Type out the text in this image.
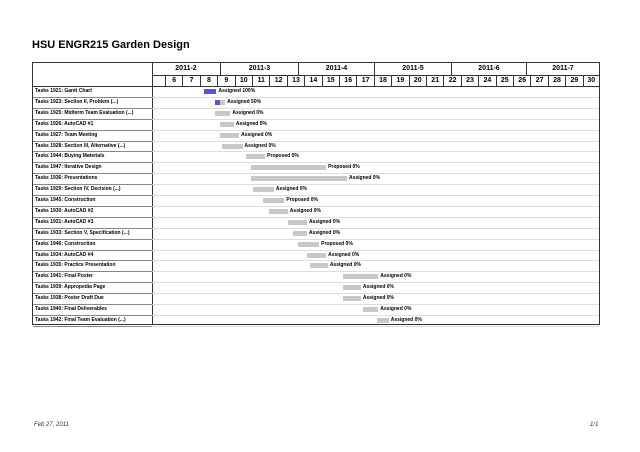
HSU ENGR215 Garden Design
2011-2	2011-3	2011-4	2011-5	2011-6	2011-7
6	7	8	9	10	11	12	13	14	15	16	17	18	19	20	21	22	23	24	25	26	27	28	29	30
Tasks 1921: Gantt Chart	Assigned 100%
Tasks 1923: Section II, Problem (...)	Assigned 50%
Tasks 1925: Midterm Team Evaluation (...)	Assigned 0%
Tasks 1926: AutoCAD #1	Assigned 0%
Tasks 1927: Team Meeting	Assigned 0%
Tasks 1928: Section III, Alternative (...)	Assigned 0%
Tasks 1944: Buying Materials	Proposed 0%
Tasks 1947: Iterative Design	Proposed 0%
Tasks 1936: Presentations	Assigned 0%
Tasks 1929: Section IV, Decision (...)	Assigned 0%
Tasks 1945: Construction	Proposed 0%
Tasks 1930: AutoCAD #2	Assigned 0%
Tasks 1931: AutoCAD #3	Assigned 0%
Tasks 1933: Section V, Specification (...)	Assigned 0%
Tasks 1946: Construction	Proposed 0%
Tasks 1934: AutoCAD #4	Assigned 0%
Tasks 1935: Practice Presentation	Assigned 0%
Tasks 1941: Final Poster	Assigned 0%
Tasks 1939: Appropedia Page	Assigned 0%
Tasks 1938: Poster Draft Due	Assigned 0%
Tasks 1940: Final Deliverables	Assigned 0%
Tasks 1942: Final Team Evaluation (...)	Assigned 0%
Feb 27, 2011	1/1
